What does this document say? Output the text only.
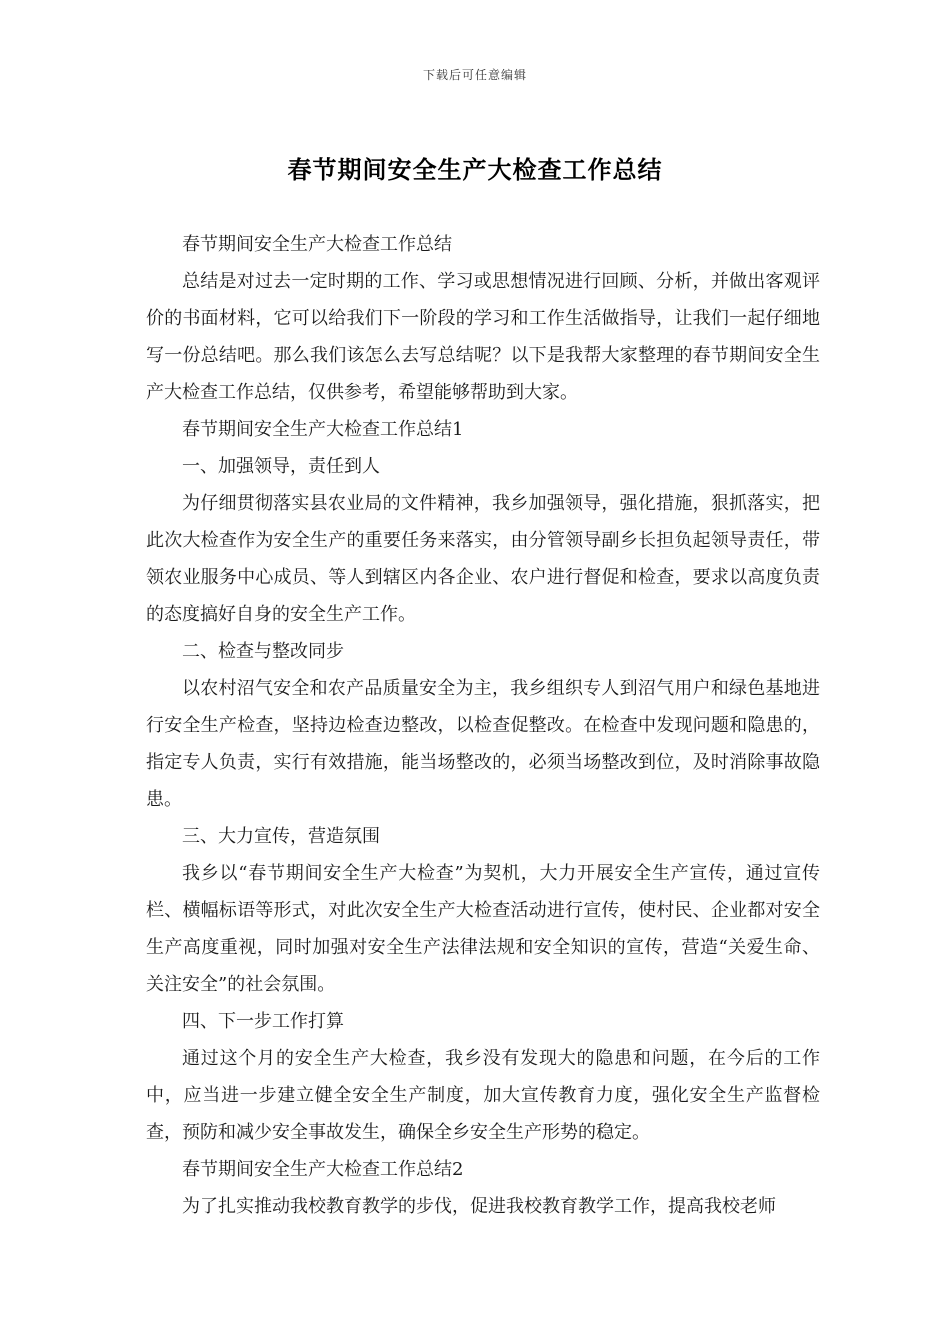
下载后可任意编辑
春节期间安全生产大检查工作总结

春节期间安全生产大检查工作总结

总结是对过去一定时期的工作、学习或思想情况进行回顾、分析，并做出客观评价的书面材料，它可以给我们下一阶段的学习和工作生活做指导，让我们一起仔细地写一份总结吧。那么我们该怎么去写总结呢？以下是我帮大家整理的春节期间安全生产大检查工作总结，仅供参考，希望能够帮助到大家。

春节期间安全生产大检查工作总结1

一、加强领导，责任到人

为仔细贯彻落实县农业局的文件精神，我乡加强领导，强化措施，狠抓落实，把此次大检查作为安全生产的重要任务来落实，由分管领导副乡长担负起领导责任，带领农业服务中心成员、等人到辖区内各企业、农户进行督促和检查，要求以高度负责的态度搞好自身的安全生产工作。

二、检查与整改同步

以农村沼气安全和农产品质量安全为主，我乡组织专人到沼气用户和绿色基地进行安全生产检查，坚持边检查边整改，以检查促整改。在检查中发现问题和隐患的，指定专人负责，实行有效措施，能当场整改的，必须当场整改到位，及时消除事故隐患。

三、大力宣传，营造氛围

我乡以“春节期间安全生产大检查”为契机，大力开展安全生产宣传，通过宣传栏、横幅标语等形式，对此次安全生产大检查活动进行宣传，使村民、企业都对安全生产高度重视，同时加强对安全生产法律法规和安全知识的宣传，营造“关爱生命、关注安全”的社会氛围。

四、下一步工作打算

通过这个月的安全生产大检查，我乡没有发现大的隐患和问题，在今后的工作中，应当进一步建立健全安全生产制度，加大宣传教育力度，强化安全生产监督检查，预防和减少安全事故发生，确保全乡安全生产形势的稳定。

春节期间安全生产大检查工作总结2

为了扎实推动我校教育教学的步伐，促进我校教育教学工作，提高我校老师
